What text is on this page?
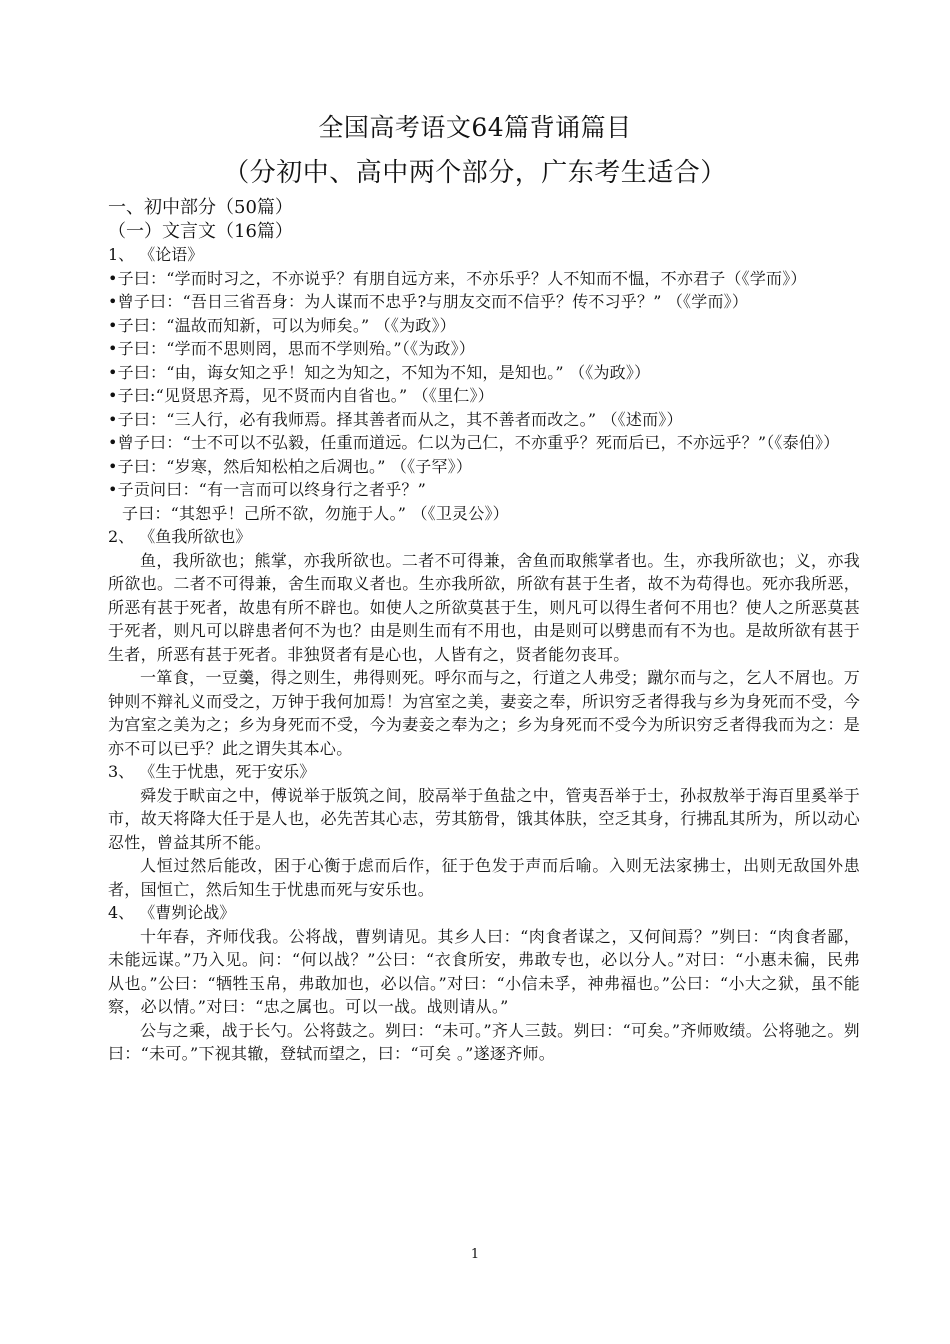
全国高考语文64篇背诵篇目
（分初中、高中两个部分，广东考生适合）
一、初中部分（50篇）
（一）文言文（16篇）
1、 《论语》

•子曰：“学而时习之，不亦说乎？有朋自远方来，不亦乐乎？人不知而不愠，不亦君子（《学而》）

•曾子曰：“吾日三省吾身：为人谋而不忠乎?与朋友交而不信乎？传不习乎？” （《学而》）

•子曰：“温故而知新，可以为师矣。” （《为政》）

•子曰：“学而不思则罔，思而不学则殆。”（《为政》）

•子曰：“由，诲女知之乎！知之为知之，不知为不知，是知也。” （《为政》）

•子曰:“见贤思齐焉，见不贤而内自省也。” （《里仁》）

•子曰：“三人行，必有我师焉。择其善者而从之，其不善者而改之。” （《述而》）

•曾子曰：“士不可以不弘毅，任重而道远。仁以为己仁，不亦重乎？死而后已，不亦远乎？”（《泰伯》）

•子曰：“岁寒，然后知松柏之后凋也。” （《子罕》）

•子贡问曰：“有一言而可以终身行之者乎？”

子曰：“其恕乎！己所不欲，勿施于人。” （《卫灵公》）

2、 《鱼我所欲也》

鱼，我所欲也；熊掌，亦我所欲也。二者不可得兼，舍鱼而取熊掌者也。生，亦我所欲也；义，亦我所欲也。二者不可得兼，舍生而取义者也。生亦我所欲，所欲有甚于生者，故不为苟得也。死亦我所恶，所恶有甚于死者，故患有所不辟也。如使人之所欲莫甚于生，则凡可以得生者何不用也？使人之所恶莫甚于死者，则凡可以辟患者何不为也？由是则生而有不用也，由是则可以劈患而有不为也。是故所欲有甚于生者，所恶有甚于死者。非独贤者有是心也，人皆有之，贤者能勿丧耳。

一箪食，一豆羹，得之则生，弗得则死。呼尔而与之，行道之人弗受；蹴尔而与之，乞人不屑也。万钟则不辩礼义而受之，万钟于我何加焉！为宫室之美，妻妾之奉，所识穷乏者得我与乡为身死而不受，今为宫室之美为之；乡为身死而不受，今为妻妾之奉为之；乡为身死而不受今为所识穷乏者得我而为之：是亦不可以已乎？此之谓失其本心。

3、 《生于忧患，死于安乐》

舜发于畎亩之中，傅说举于版筑之间，胶鬲举于鱼盐之中，管夷吾举于士，孙叔敖举于海百里奚举于市，故天将降大任于是人也，必先苦其心志，劳其筋骨，饿其体肤，空乏其身，行拂乱其所为，所以动心忍性，曾益其所不能。

人恒过然后能改，困于心衡于虑而后作，征于色发于声而后喻。入则无法家拂士，出则无敌国外患者，国恒亡，然后知生于忧患而死与安乐也。

4、 《曹刿论战》

十年春，齐师伐我。公将战，曹刿请见。其乡人曰：“肉食者谋之，又何间焉？”刿曰：“肉食者鄙，未能远谋。”乃入见。问：“何以战？”公曰：“衣食所安，弗敢专也，必以分人。”对曰：“小惠未徧，民弗从也。”公曰：“牺牲玉帛，弗敢加也，必以信。”对曰：“小信未孚，神弗福也。”公曰：“小大之狱，虽不能察，必以情。”对曰：“忠之属也。可以一战。战则请从。”

公与之乘，战于长勺。公将鼓之。刿曰：“未可。”齐人三鼓。刿曰：“可矣。”齐师败绩。公将驰之。刿曰：“未可。”下视其辙，登轼而望之，曰：“可矣 。”遂逐齐师。

1
